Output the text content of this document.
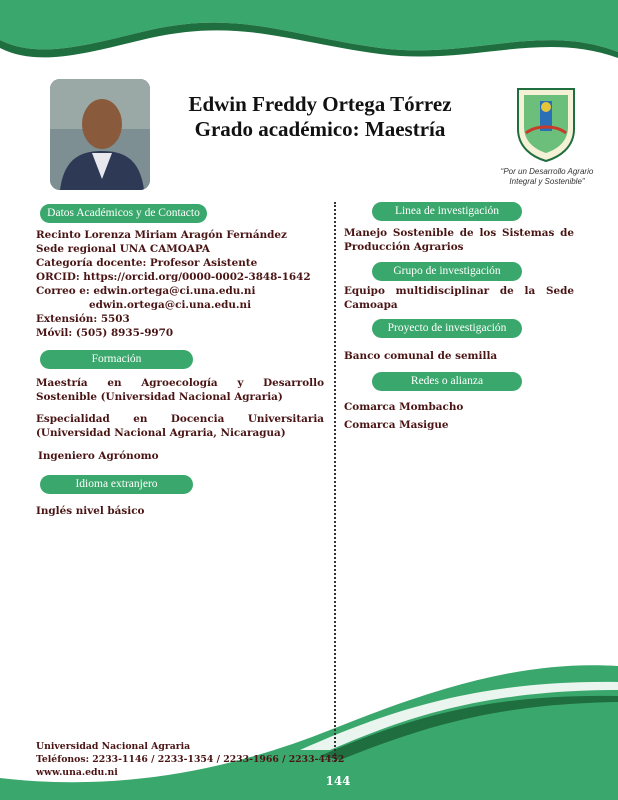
Edwin Freddy Ortega Tórrez
Grado académico: Maestría
“Por un Desarrollo Agrario
Integral y Sostenible”
Datos Académicos y de Contacto
Recinto Lorenza Miriam Aragón Fernández
Sede regional UNA CAMOAPA
Categoría docente: Profesor Asistente
ORCID: https://orcid.org/0000-0002-3848-1642
Correo e: edwin.ortega@ci.una.edu.ni
edwin.ortega@ci.una.edu.ni
Extensión: 5503
Móvil: (505) 8935-9970
Formación

Maestría en Agroecología y Desarrollo Sostenible (Universidad Nacional Agraria)

Especialidad en Docencia Universitaria (Universidad Nacional Agraria, Nicaragua)

Ingeniero Agrónomo

Idioma extranjero

Inglés nivel básico

Linea de investigación

Manejo Sostenible de los Sistemas de Producción Agrarios

Grupo de investigación

Equipo multidisciplinar de la Sede Camoapa

Proyecto de investigación

Banco comunal de semilla

Redes o alianza

Comarca Mombacho

Comarca Masigue

Universidad Nacional Agraria
Teléfonos: 2233-1146 / 2233-1354 / 2233-1966 / 2233-4452
www.una.edu.ni
144
